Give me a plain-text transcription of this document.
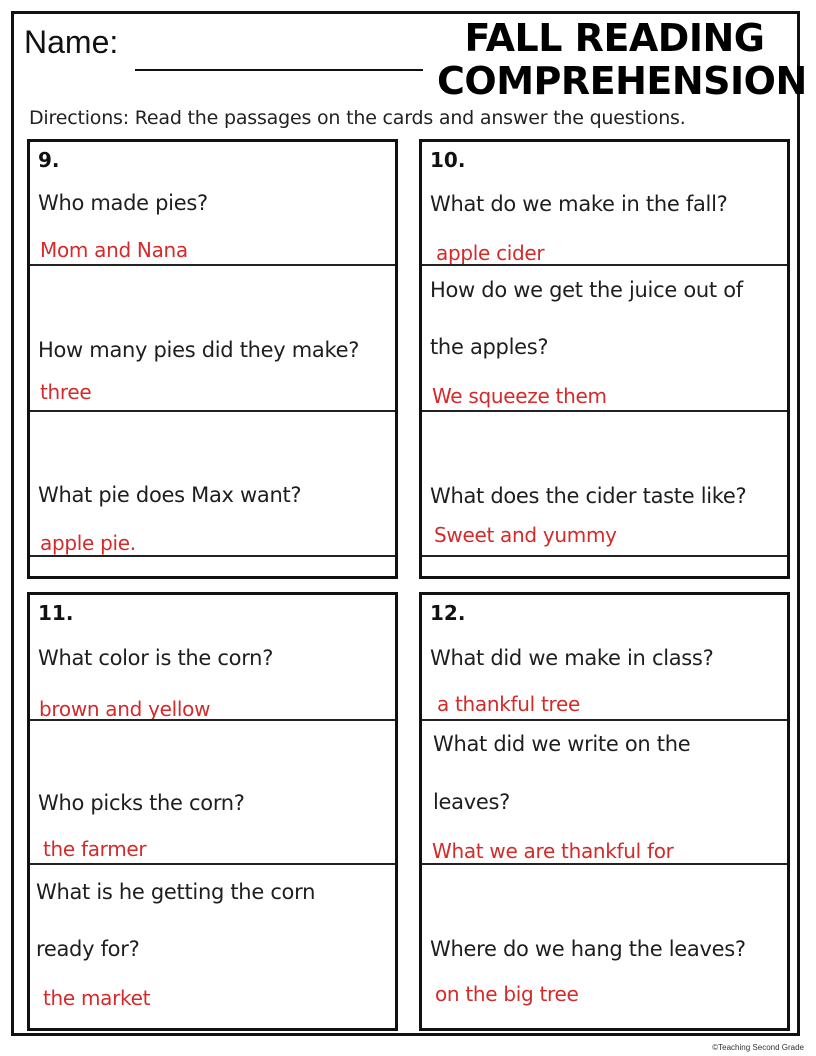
Name:	FALL READING
COMPREHENSION
Directions: Read the passages on the cards and answer the questions.
9.
Who made pies?
Mom and Nana
How many pies did they make?
three
What pie does Max want?
apple pie.
10.
What do we make in the fall?
apple cider
How do we get the juice out of
the apples?
We squeeze them
What does the cider taste like?
Sweet and yummy
11.
What color is the corn?
brown and yellow
Who picks the corn?
the farmer
What is he getting the corn
ready for?
the market
12.
What did we make in class?
a thankful tree
What did we write on the
leaves?
What we are thankful for
Where do we hang the leaves?
on the big tree
©Teaching Second Grade
